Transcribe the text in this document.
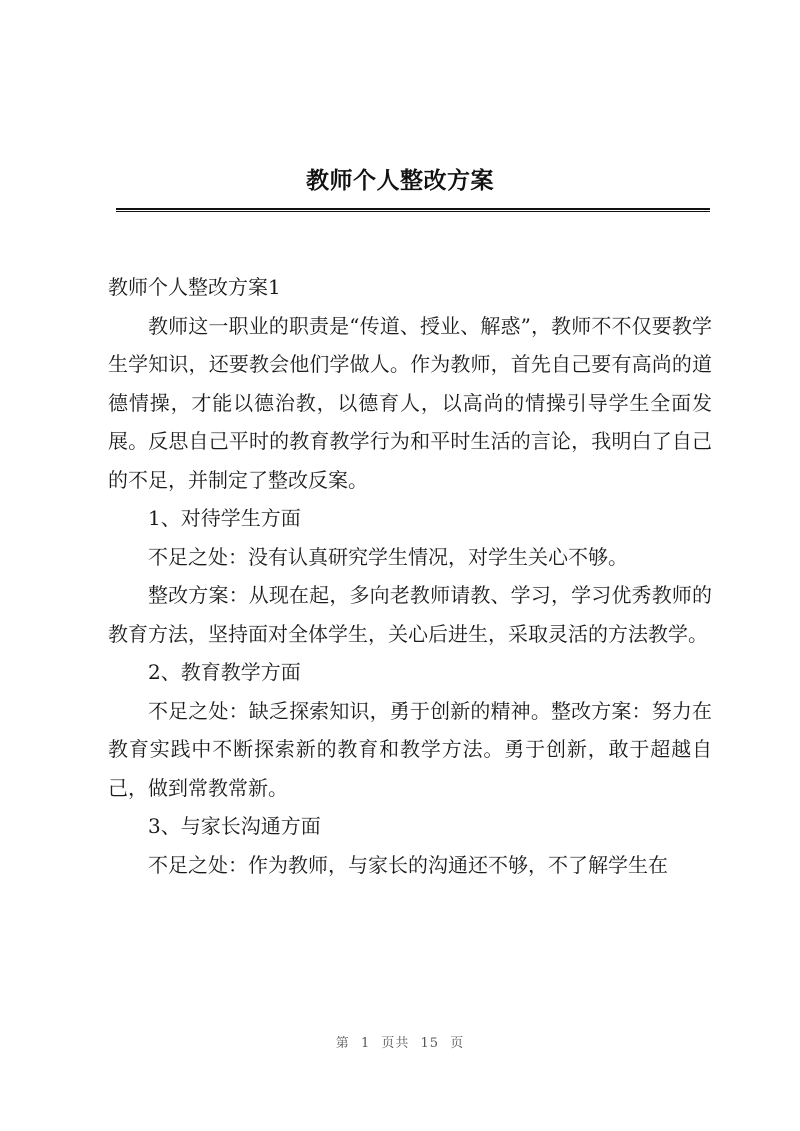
教师个人整改方案

教师个人整改方案1

教师这一职业的职责是“传道、授业、解惑”，教师不不仅要教学生学知识，还要教会他们学做人。作为教师，首先自己要有高尚的道德情操，才能以德治教，以德育人，以高尚的情操引导学生全面发展。反思自己平时的教育教学行为和平时生活的言论，我明白了自己的不足，并制定了整改反案。

1、对待学生方面

不足之处：没有认真研究学生情况，对学生关心不够。

整改方案：从现在起，多向老教师请教、学习，学习优秀教师的教育方法，坚持面对全体学生，关心后进生，采取灵活的方法教学。

2、教育教学方面

不足之处：缺乏探索知识，勇于创新的精神。整改方案：努力在教育实践中不断探索新的教育和教学方法。勇于创新，敢于超越自己，做到常教常新。

3、与家长沟通方面

不足之处：作为教师，与家长的沟通还不够，不了解学生在

第 1 页共 15 页
